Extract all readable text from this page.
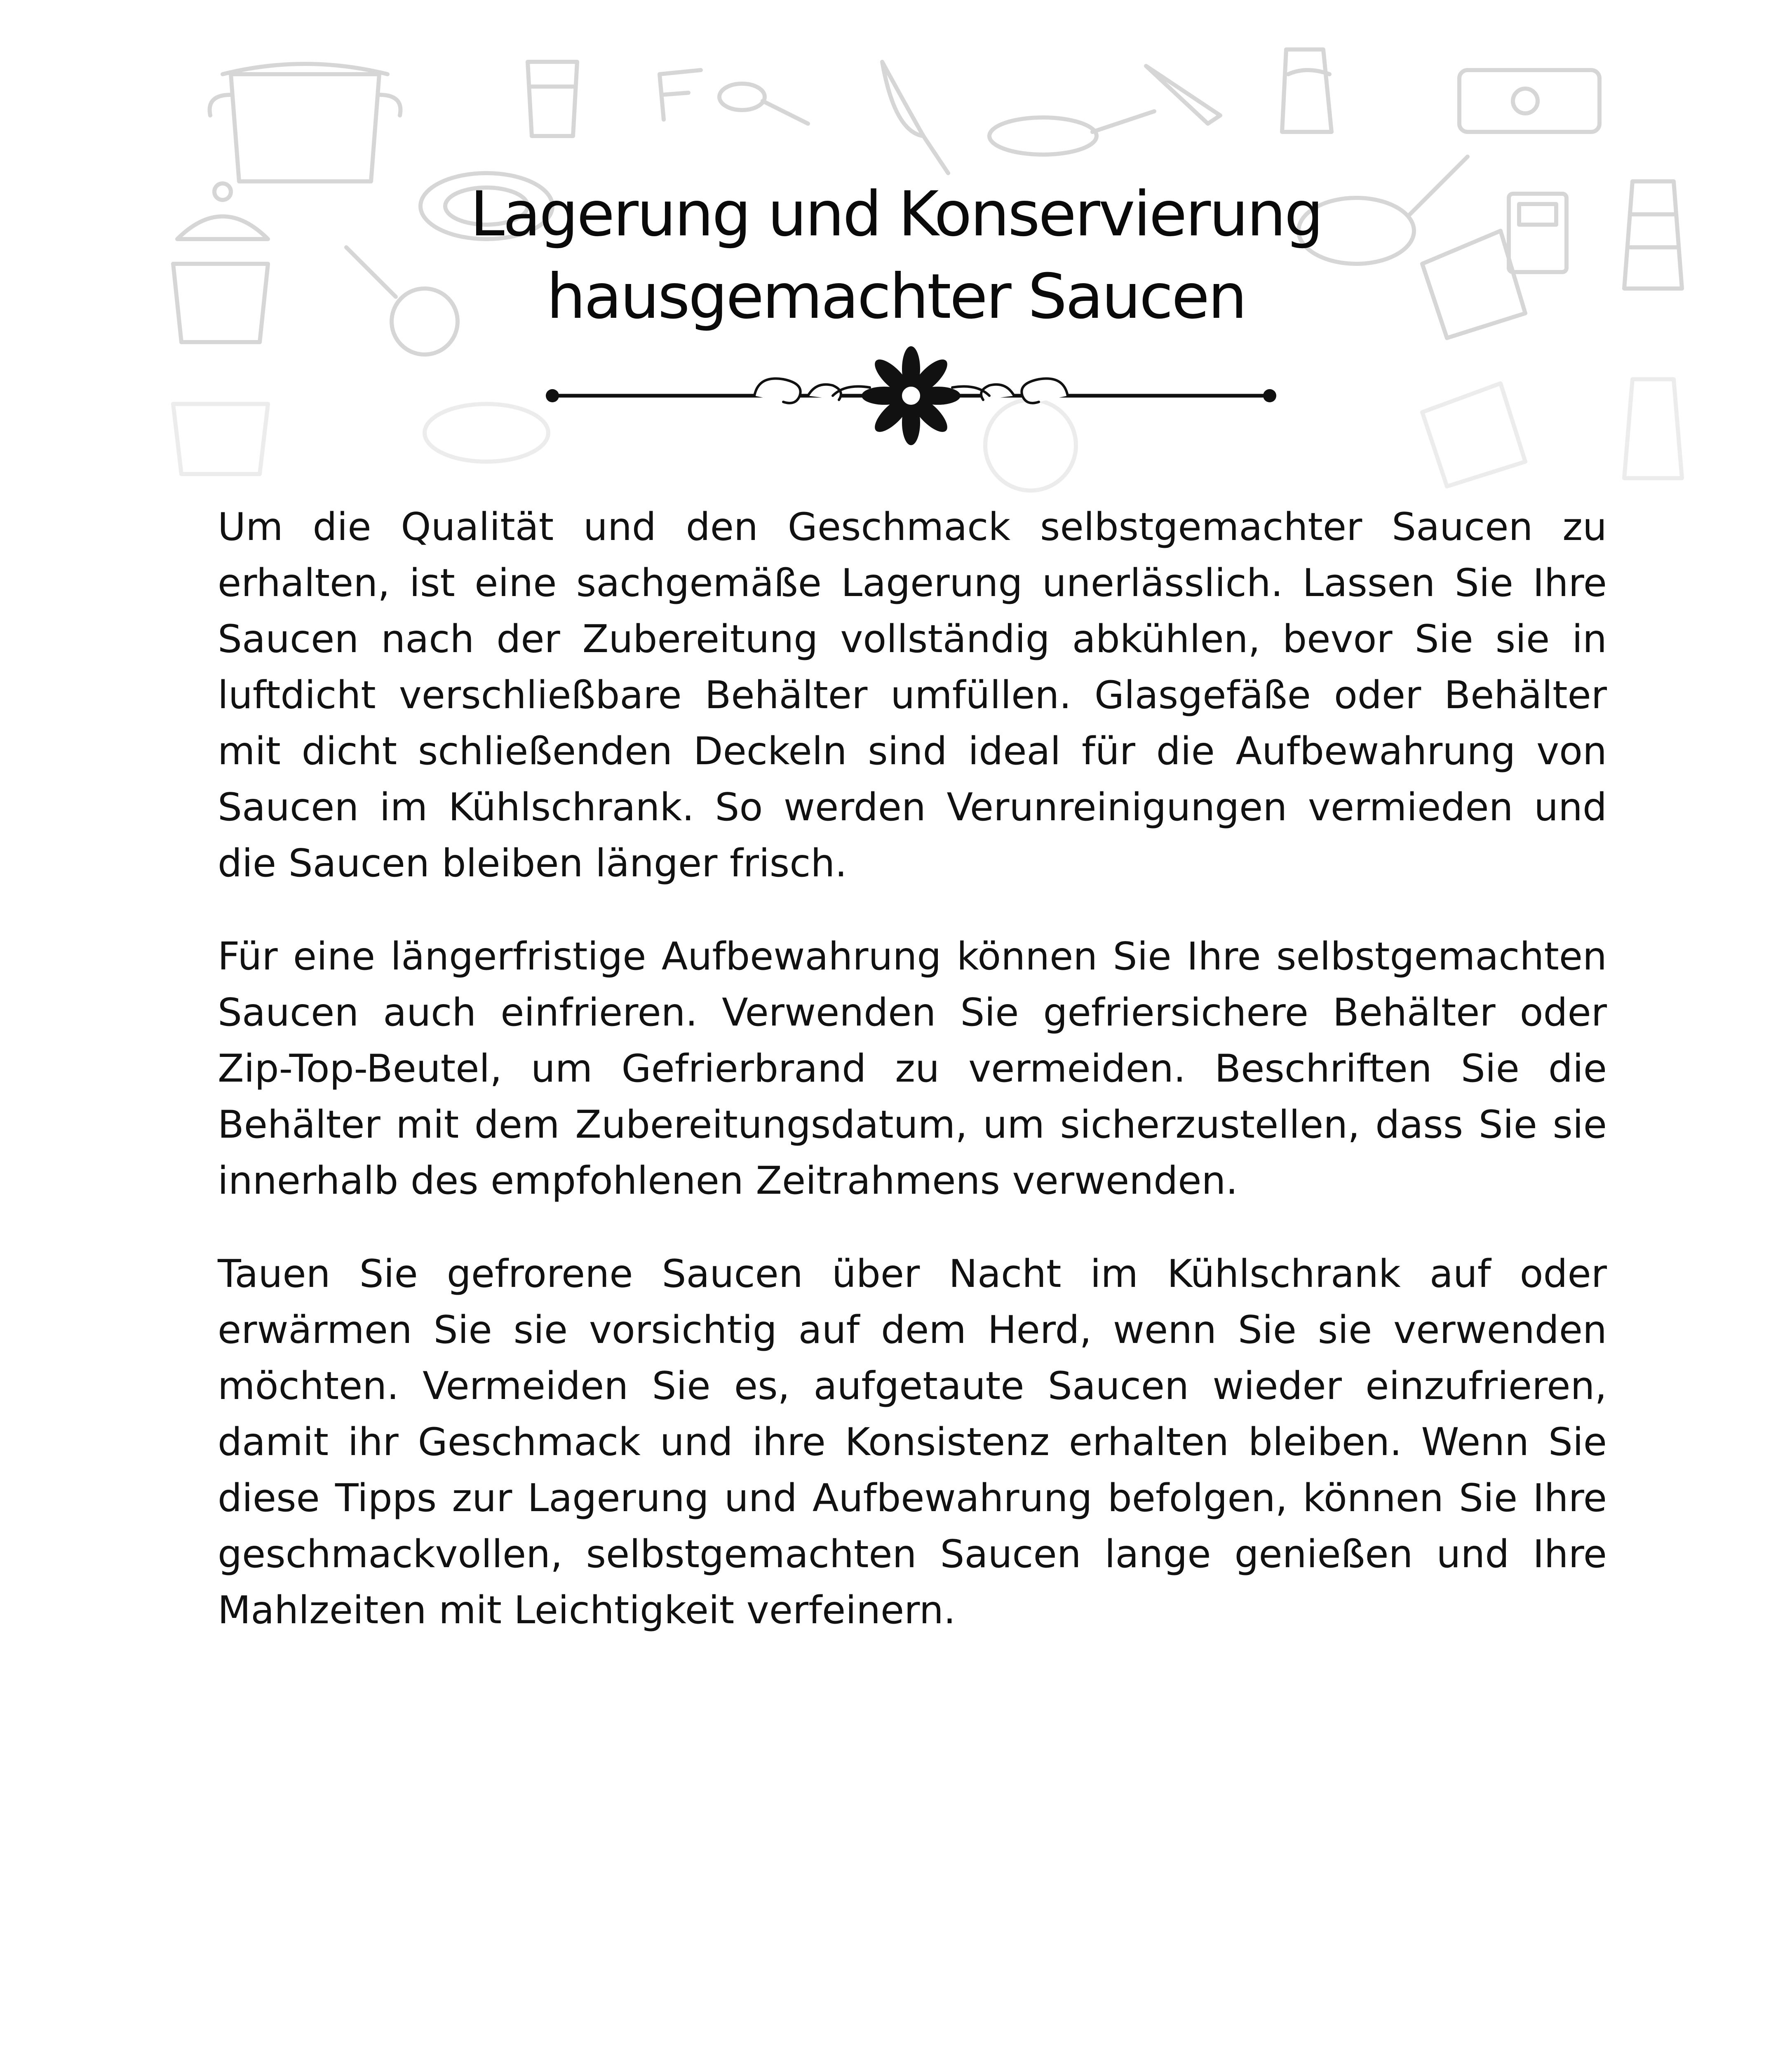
Lagerung und Konservierung
hausgemachter Saucen

Um die Qualität und den Geschmack selbstgemachter Saucen zu erhalten, ist eine sachgemäße Lagerung unerlässlich. Lassen Sie Ihre Saucen nach der Zubereitung vollständig abkühlen, bevor Sie sie in luftdicht verschließbare Behälter umfüllen. Glasgefäße oder Behälter mit dicht schließenden Deckeln sind ideal für die Aufbewahrung von Saucen im Kühlschrank. So werden Verunreinigungen vermieden und die Saucen bleiben länger frisch.

Für eine längerfristige Aufbewahrung können Sie Ihre selbstgemachten Saucen auch einfrieren. Verwenden Sie gefriersichere Behälter oder Zip-Top-Beutel, um Gefrierbrand zu vermeiden. Beschriften Sie die Behälter mit dem Zubereitungsdatum, um sicherzustellen, dass Sie sie innerhalb des empfohlenen Zeitrahmens verwenden.

Tauen Sie gefrorene Saucen über Nacht im Kühlschrank auf oder erwärmen Sie sie vorsichtig auf dem Herd, wenn Sie sie verwenden möchten. Vermeiden Sie es, aufgetaute Saucen wieder einzufrieren, damit ihr Geschmack und ihre Konsistenz erhalten bleiben. Wenn Sie diese Tipps zur Lagerung und Aufbewahrung befolgen, können Sie Ihre geschmackvollen, selbstgemachten Saucen lange genießen und Ihre Mahlzeiten mit Leichtigkeit verfeinern.
